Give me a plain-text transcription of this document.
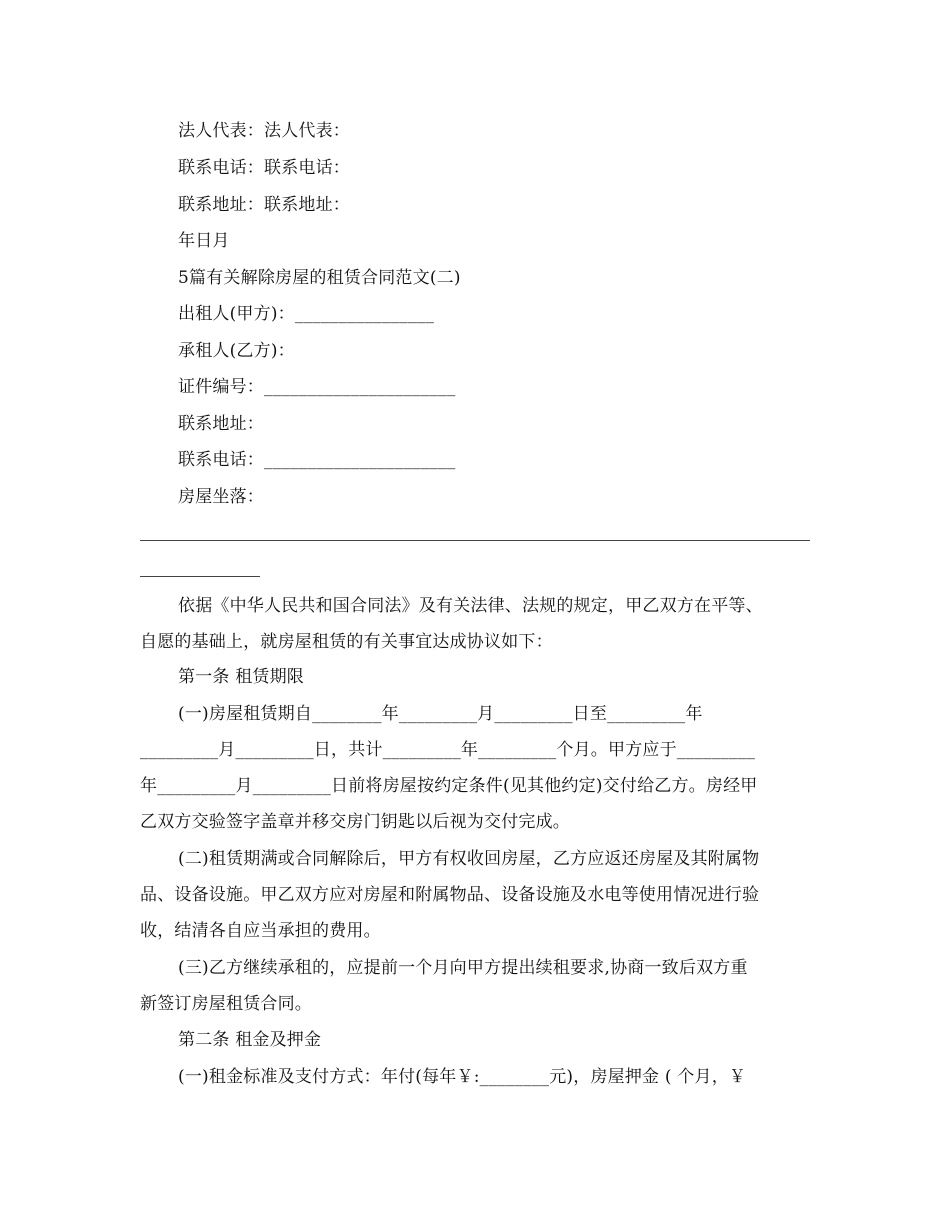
法人代表：法人代表：
联系电话：联系电话：
联系地址：联系地址：
年日月
5篇有关解除房屋的租赁合同范文(二)
出租人(甲方)：________________
承租人(乙方)：
证件编号：______________________
联系地址：
联系电话：______________________
房屋坐落：
依据《中华人民共和国合同法》及有关法律、法规的规定，甲乙双方在平等、
自愿的基础上，就房屋租赁的有关事宜达成协议如下：
第一条 租赁期限
(一)房屋租赁期自________年_________月_________日至_________年
_________月_________日，共计_________年_________个月。甲方应于_________
年_________月_________日前将房屋按约定条件(见其他约定)交付给乙方。房经甲
乙双方交验签字盖章并移交房门钥匙以后视为交付完成。
(二)租赁期满或合同解除后，甲方有权收回房屋，乙方应返还房屋及其附属物
品、设备设施。甲乙双方应对房屋和附属物品、设备设施及水电等使用情况进行验
收，结清各自应当承担的费用。
(三)乙方继续承租的，应提前一个月向甲方提出续租要求,协商一致后双方重
新签订房屋租赁合同。
第二条 租金及押金
(一)租金标准及支付方式：年付(每年￥:________元)，房屋押金 ( 个月，￥
